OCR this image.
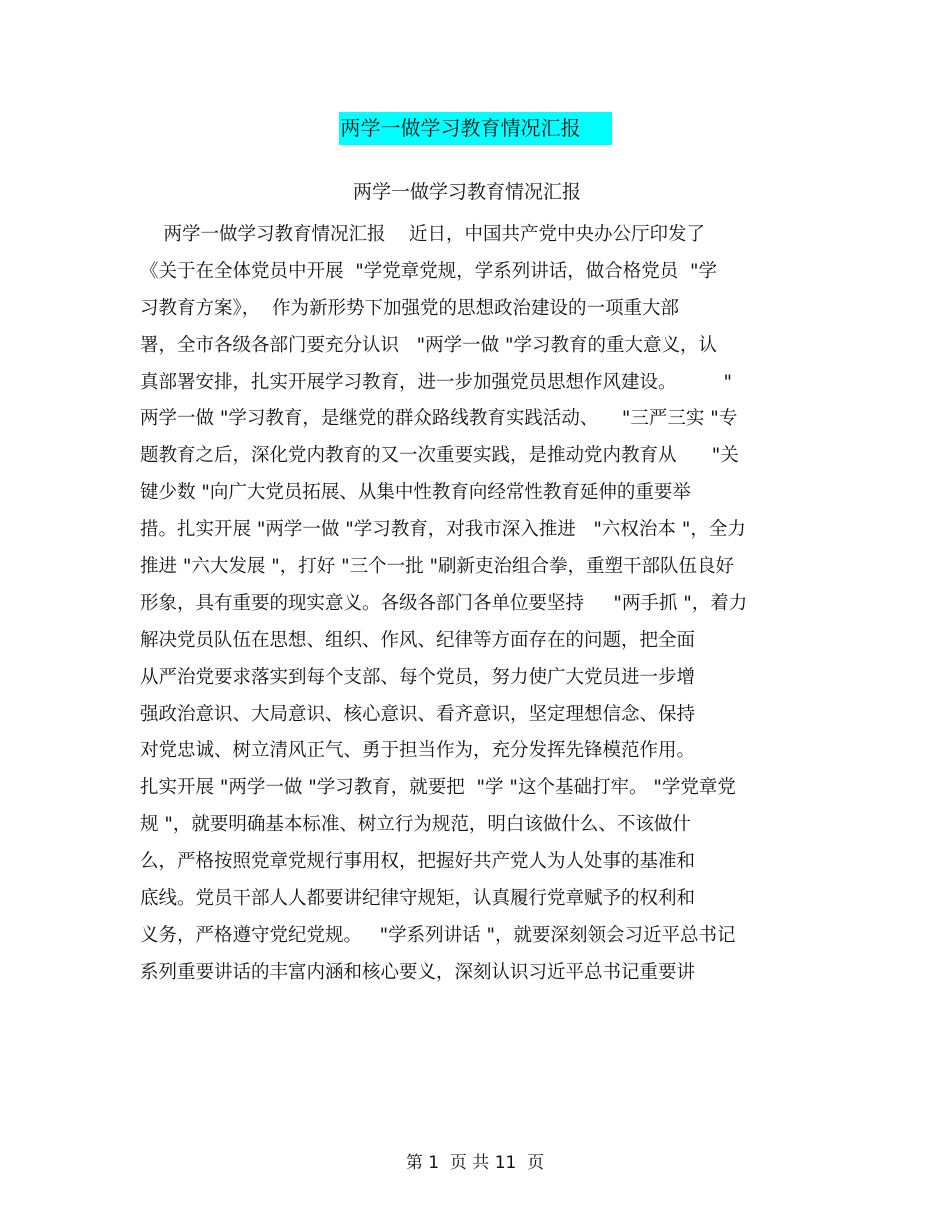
两学一做学习教育情况汇报
两学一做学习教育情况汇报
两学一做学习教育情况汇报    近日，中国共产党中央办公厅印发了
《关于在全体党员中开展  "学党章党规，学系列讲话，做合格党员  "学
习教育方案》，  作为新形势下加强党的思想政治建设的一项重大部
署，全市各级各部门要充分认识   "两学一做 "学习教育的重大意义，认
真部署安排，扎实开展学习教育，进一步加强党员思想作风建设。        "
两学一做 "学习教育，是继党的群众路线教育实践活动、    "三严三实 "专
题教育之后，深化党内教育的又一次重要实践，是推动党内教育从      "关
键少数 "向广大党员拓展、从集中性教育向经常性教育延伸的重要举
措。扎实开展 "两学一做 "学习教育，对我市深入推进   "六权治本 "，全力
推进 "六大发展 "，打好 "三个一批 "刷新吏治组合拳，重塑干部队伍良好
形象，具有重要的现实意义。各级各部门各单位要坚持     "两手抓 "，着力
解决党员队伍在思想、组织、作风、纪律等方面存在的问题，把全面
从严治党要求落实到每个支部、每个党员，努力使广大党员进一步增
强政治意识、大局意识、核心意识、看齐意识，坚定理想信念、保持
对党忠诚、树立清风正气、勇于担当作为，充分发挥先锋模范作用。
扎实开展 "两学一做 "学习教育，就要把  "学 "这个基础打牢。 "学党章党
规 "，就要明确基本标准、树立行为规范，明白该做什么、不该做什
么，严格按照党章党规行事用权，把握好共产党人为人处事的基准和
底线。党员干部人人都要讲纪律守规矩，认真履行党章赋予的权利和
义务，严格遵守党纪党规。   "学系列讲话 "，就要深刻领会习近平总书记
系列重要讲话的丰富内涵和核心要义，深刻认识习近平总书记重要讲
第 1  页 共 11  页
